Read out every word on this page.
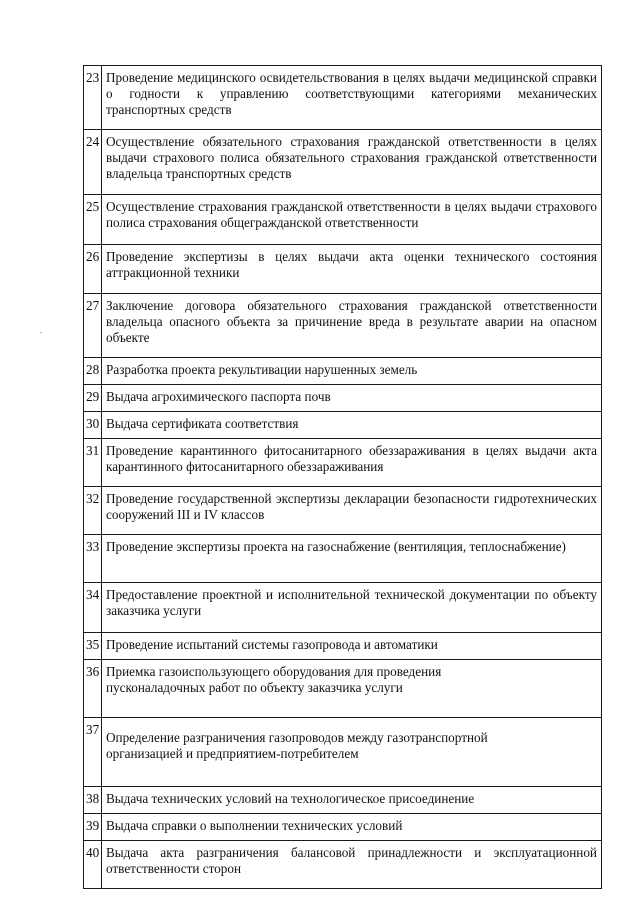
23	Проведение медицинского освидетельствования в целях выдачи медицинской справки о годности к управлению соответствующими категориями механических транспортных средств
24	Осуществление обязательного страхования гражданской ответственности в целях выдачи страхового полиса обязательного страхования гражданской ответственности владельца транспортных средств
25	Осуществление страхования гражданской ответственности в целях выдачи страхового полиса страхования общегражданской ответственности
26	Проведение экспертизы в целях выдачи акта оценки технического состояния аттракционной техники
27	Заключение договора обязательного страхования гражданской ответственности владельца опасного объекта за причинение вреда в результате аварии на опасном объекте
28	Разработка проекта рекультивации нарушенных земель
29	Выдача агрохимического паспорта почв
30	Выдача сертификата соответствия
31	Проведение карантинного фитосанитарного обеззараживания в целях выдачи акта карантинного фитосанитарного обеззараживания
32	Проведение государственной экспертизы декларации безопасности гидротехнических сооружений III и IV классов
33	Проведение экспертизы проекта на газоснабжение (вентиляция, теплоснабжение)
34	Предоставление проектной и исполнительной технической документации по объекту заказчика услуги
35	Проведение испытаний системы газопровода и автоматики
36	Приемка газоиспользующего оборудования для проведения
пусконаладочных работ по объекту заказчика услуги

37	Определение разграничения газопроводов между газотранспортной
организацией и предприятием-потребителем

38	Выдача технических условий на технологическое присоединение
39	Выдача справки о выполнении технических условий
40	Выдача акта разграничения балансовой принадлежности и эксплуатационной ответственности сторон
